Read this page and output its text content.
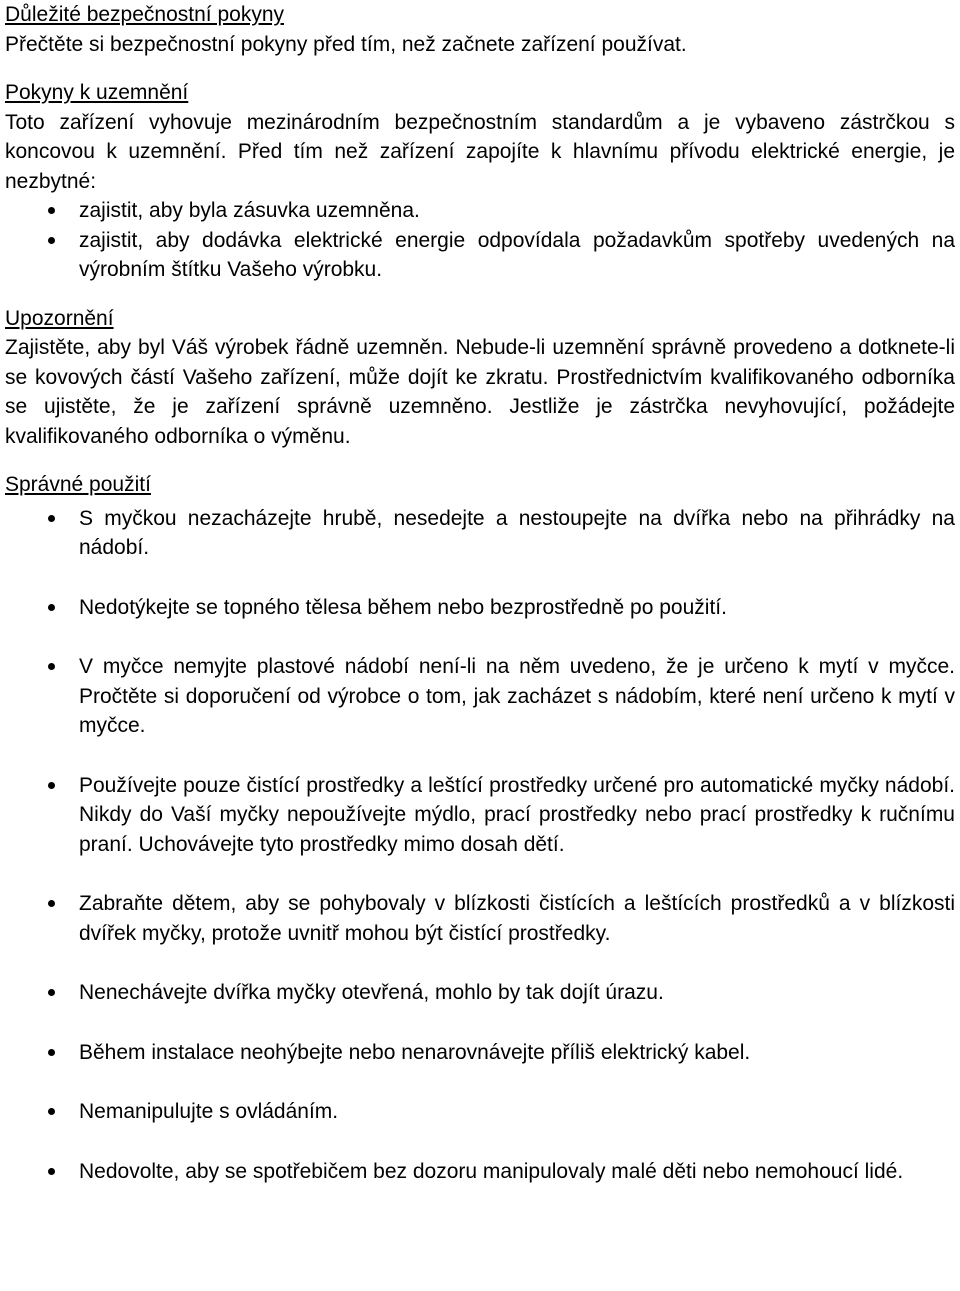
Důležité bezpečnostní pokyny

Přečtěte si bezpečnostní pokyny před tím, než začnete zařízení používat.

Pokyny k uzemnění

Toto zařízení vyhovuje mezinárodním bezpečnostním standardům a je vybaveno zástrčkou s koncovou k uzemnění. Před tím než zařízení zapojíte k hlavnímu přívodu elektrické energie, je nezbytné:

zajistit, aby byla zásuvka uzemněna.
zajistit, aby dodávka elektrické energie odpovídala požadavkům spotřeby uvedených na výrobním štítku Vašeho výrobku.
Upozornění

Zajistěte, aby byl Váš výrobek řádně uzemněn. Nebude-li uzemnění správně provedeno a dotknete-li se kovových částí Vašeho zařízení, může dojít ke zkratu. Prostřednictvím kvalifikovaného odborníka se ujistěte, že je zařízení správně uzemněno. Jestliže je zástrčka nevyhovující, požádejte kvalifikovaného odborníka o výměnu.

Správné použití
S myčkou nezacházejte hrubě, nesedejte a nestoupejte na dvířka nebo na přihrádky na nádobí.
Nedotýkejte se topného tělesa během nebo bezprostředně po použití.
V myčce nemyjte plastové nádobí není-li na něm uvedeno, že je určeno k mytí v myčce. Pročtěte si doporučení od výrobce o tom, jak zacházet s nádobím, které není určeno k mytí v myčce.
Používejte pouze čistící prostředky a leštící prostředky určené pro automatické myčky nádobí. Nikdy do Vaší myčky nepoužívejte mýdlo, prací prostředky nebo prací prostředky k ručnímu praní. Uchovávejte tyto prostředky mimo dosah dětí.
Zabraňte dětem, aby se pohybovaly v blízkosti čistících a leštících prostředků a v blízkosti dvířek myčky, protože uvnitř mohou být čistící prostředky.
Nenechávejte dvířka myčky otevřená, mohlo by tak dojít úrazu.
Během instalace neohýbejte nebo nenarovnávejte příliš elektrický kabel.
Nemanipulujte s ovládáním.
Nedovolte, aby se spotřebičem bez dozoru manipulovaly malé děti nebo nemohoucí lidé.
